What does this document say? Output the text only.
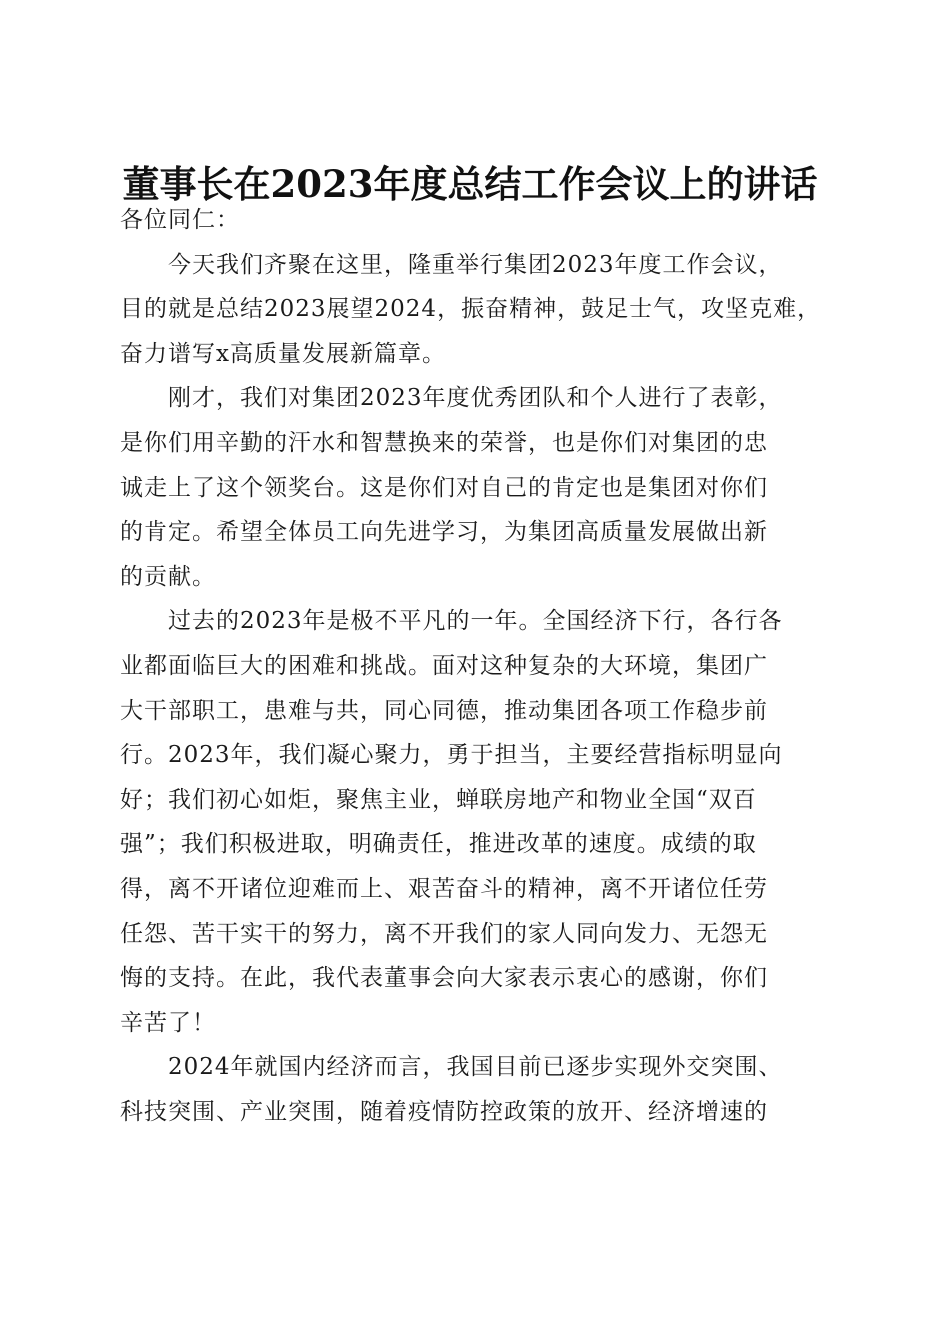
董事长在2023年度总结工作会议上的讲话

各位同仁：

今天我们齐聚在这里，隆重举行集团2023年度工作会议，
目的就是总结2023展望2024，振奋精神，鼓足士气，攻坚克难，
奋力谱写x高质量发展新篇章。

刚才，我们对集团2023年度优秀团队和个人进行了表彰，
是你们用辛勤的汗水和智慧换来的荣誉，也是你们对集团的忠
诚走上了这个领奖台。这是你们对自己的肯定也是集团对你们
的肯定。希望全体员工向先进学习，为集团高质量发展做出新
的贡献。

过去的2023年是极不平凡的一年。全国经济下行，各行各
业都面临巨大的困难和挑战。面对这种复杂的大环境，集团广
大干部职工，患难与共，同心同德，推动集团各项工作稳步前
行。2023年，我们凝心聚力，勇于担当，主要经营指标明显向
好；我们初心如炬，聚焦主业，蝉联房地产和物业全国“双百
强”；我们积极进取，明确责任，推进改革的速度。成绩的取
得，离不开诸位迎难而上、艰苦奋斗的精神，离不开诸位任劳
任怨、苦干实干的努力，离不开我们的家人同向发力、无怨无
悔的支持。在此，我代表董事会向大家表示衷心的感谢，你们
辛苦了！

2024年就国内经济而言，我国目前已逐步实现外交突围、
科技突围、产业突围，随着疫情防控政策的放开、经济增速的
